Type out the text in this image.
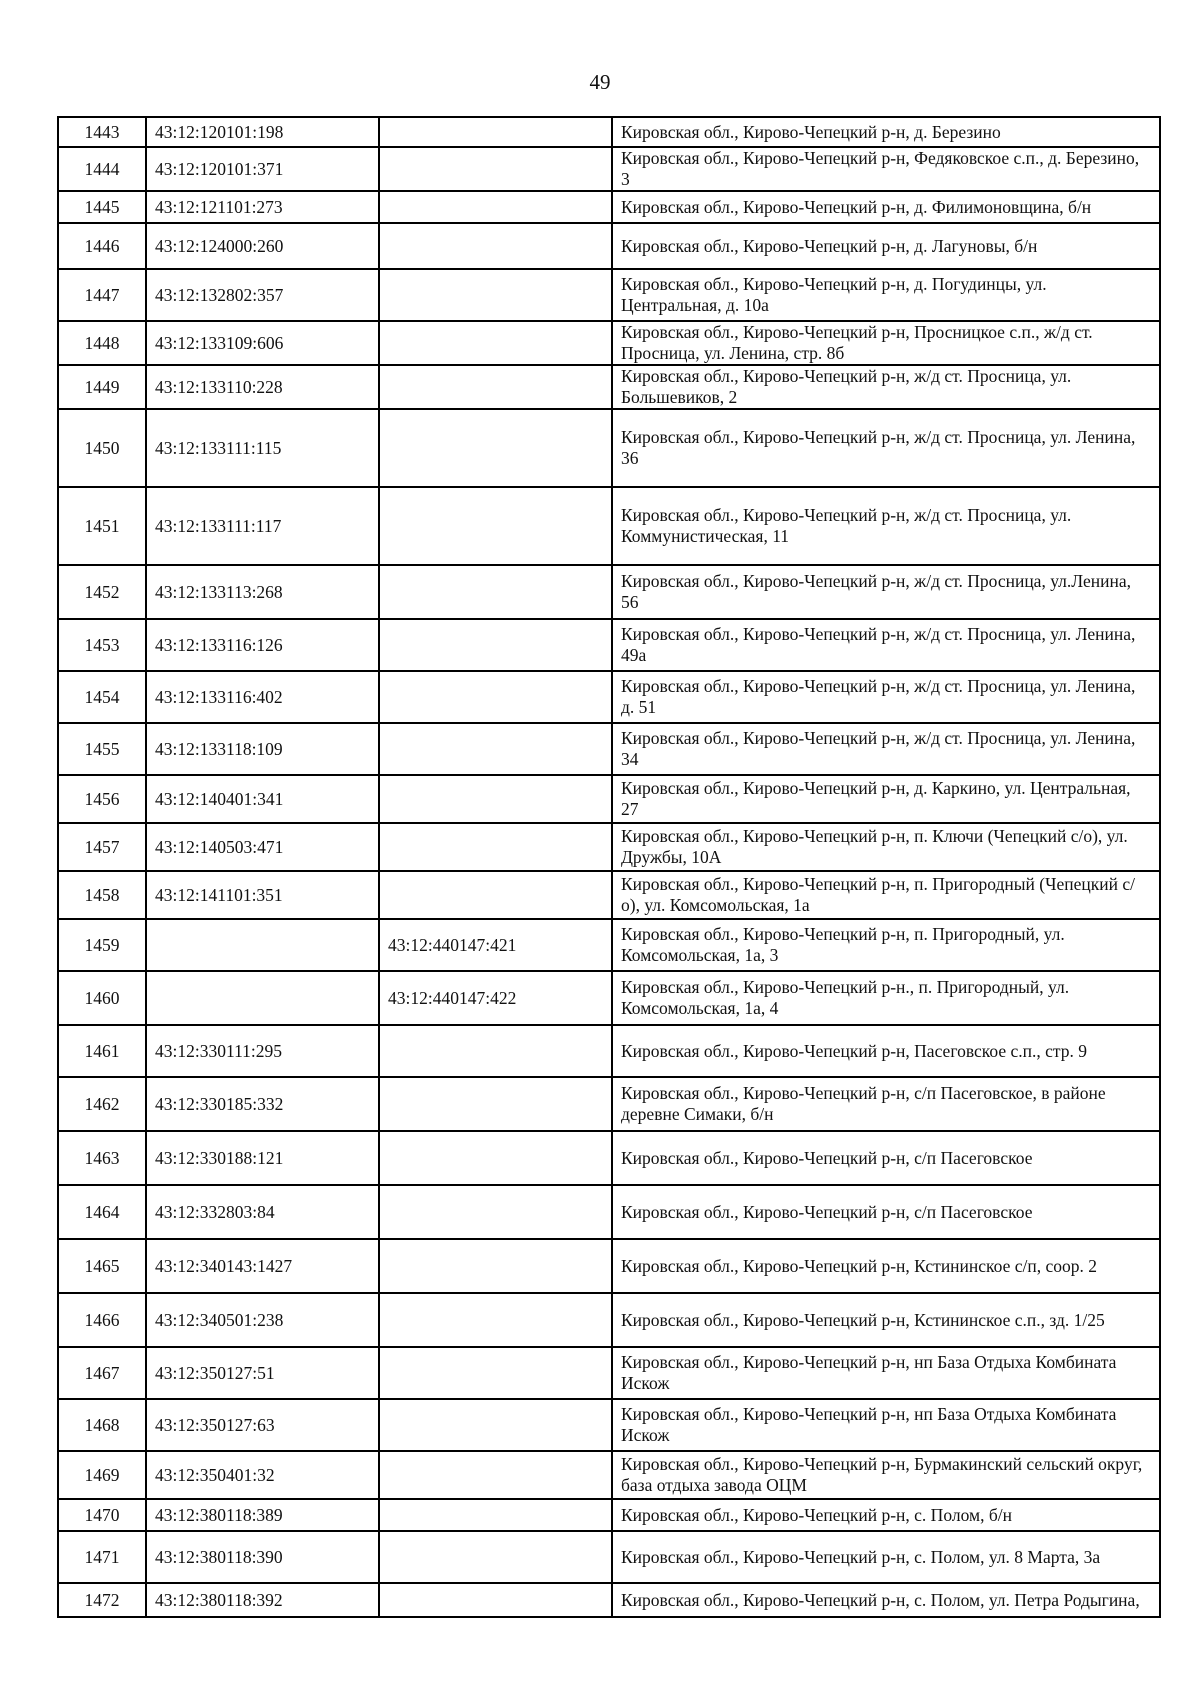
49
1443	43:12:120101:198		Кировская обл., Кирово-Чепецкий р-н, д. Березино
1444	43:12:120101:371		Кировская обл., Кирово-Чепецкий р-н, Федяковское с.п., д. Березино, 3
1445	43:12:121101:273		Кировская обл., Кирово-Чепецкий р-н, д. Филимоновщина, б/н
1446	43:12:124000:260		Кировская обл., Кирово-Чепецкий р-н, д. Лагуновы, б/н
1447	43:12:132802:357		Кировская обл., Кирово-Чепецкий р-н, д. Погудинцы, ул. Центральная, д. 10а
1448	43:12:133109:606		Кировская обл., Кирово-Чепецкий р-н, Просницкое с.п., ж/д ст. Просница, ул. Ленина, стр. 8б
1449	43:12:133110:228		Кировская обл., Кирово-Чепецкий р-н, ж/д ст. Просница, ул. Большевиков, 2
1450	43:12:133111:115		Кировская обл., Кирово-Чепецкий р-н, ж/д ст. Просница, ул. Ленина, 36
1451	43:12:133111:117		Кировская обл., Кирово-Чепецкий р-н, ж/д ст. Просница, ул. Коммунистическая, 11
1452	43:12:133113:268		Кировская обл., Кирово-Чепецкий р-н, ж/д ст. Просница, ул.Ленина, 56
1453	43:12:133116:126		Кировская обл., Кирово-Чепецкий р-н, ж/д ст. Просница, ул. Ленина, 49а
1454	43:12:133116:402		Кировская обл., Кирово-Чепецкий р-н, ж/д ст. Просница, ул. Ленина, д. 51
1455	43:12:133118:109		Кировская обл., Кирово-Чепецкий р-н, ж/д ст. Просница, ул. Ленина, 34
1456	43:12:140401:341		Кировская обл., Кирово-Чепецкий р-н, д. Каркино, ул. Центральная, 27
1457	43:12:140503:471		Кировская обл., Кирово-Чепецкий р-н, п. Ключи (Чепецкий с/о), ул. Дружбы, 10А
1458	43:12:141101:351		Кировская обл., Кирово-Чепецкий р-н, п. Пригородный (Чепецкий с/о), ул. Комсомольская, 1а
1459		43:12:440147:421	Кировская обл., Кирово-Чепецкий р-н, п. Пригородный, ул. Комсомольская, 1а, 3
1460		43:12:440147:422	Кировская обл., Кирово-Чепецкий р-н., п. Пригородный, ул. Комсомольская, 1а, 4
1461	43:12:330111:295		Кировская обл., Кирово-Чепецкий р-н, Пасеговское с.п., стр. 9
1462	43:12:330185:332		Кировская обл., Кирово-Чепецкий р-н, с/п Пасеговское, в районе деревне Симаки, б/н
1463	43:12:330188:121		Кировская обл., Кирово-Чепецкий р-н, с/п Пасеговское
1464	43:12:332803:84		Кировская обл., Кирово-Чепецкий р-н, с/п Пасеговское
1465	43:12:340143:1427		Кировская обл., Кирово-Чепецкий р-н, Кстининское с/п, соор. 2
1466	43:12:340501:238		Кировская обл., Кирово-Чепецкий р-н, Кстининское с.п., зд. 1/25
1467	43:12:350127:51		Кировская обл., Кирово-Чепецкий р-н, нп База Отдыха Комбината Искож
1468	43:12:350127:63		Кировская обл., Кирово-Чепецкий р-н, нп База Отдыха Комбината Искож
1469	43:12:350401:32		Кировская обл., Кирово-Чепецкий р-н, Бурмакинский сельский округ, база отдыха завода ОЦМ
1470	43:12:380118:389		Кировская обл., Кирово-Чепецкий р-н, с. Полом, б/н
1471	43:12:380118:390		Кировская обл., Кирово-Чепецкий р-н, с. Полом, ул. 8 Марта, 3а
1472	43:12:380118:392		Кировская обл., Кирово-Чепецкий р-н, с. Полом, ул. Петра Родыгина,
